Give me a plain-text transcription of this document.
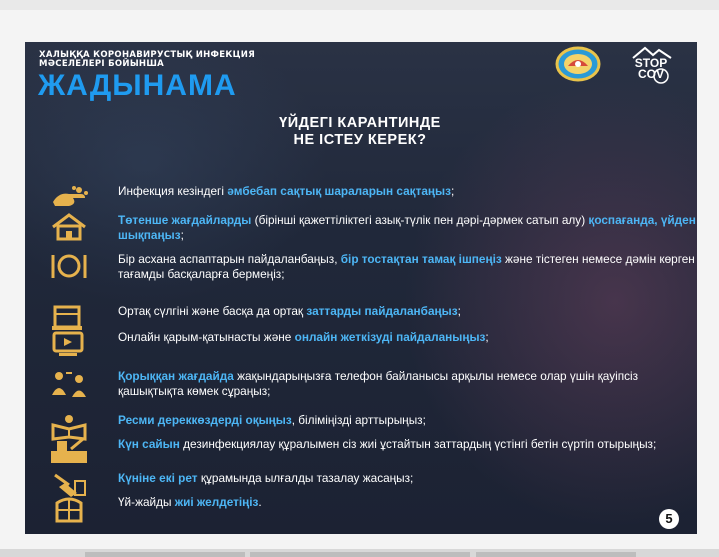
ХАЛЫҚҚА КОРОНАВИРУСТЫҚ ИНФЕКЦИЯ
МӘСЕЛЕЛЕРІ БОЙЫНША
ЖАДЫНАМА
STOP
COV
ҮЙДЕГІ КАРАНТИНДЕ
НЕ ІСТЕУ КЕРЕК?
Инфекция кезіндегі әмбебап сақтық шараларын сақтаңыз;
Төтенше жағдайларды (бірінші қажеттіліктегі азық-түлік пен дәрі-дәрмек сатып алу) қоспағанда, үйден шықпаңыз;
Бір асхана аспаптарын пайдаланбаңыз, бір тостақтан тамақ ішпеңіз және тістеген немесе дәмін көрген тағамды басқаларға бермеңіз;
Ортақ сүлгіні және басқа да ортақ заттарды пайдаланбаңыз;
Онлайн қарым-қатынасты және онлайн жеткізуді пайдаланыңыз;
Қорыққан жағдайда жақындарыңызға телефон байланысы арқылы немесе олар үшін қауіпсіз қашықтықта көмек сұраңыз;
Ресми дереккөздерді оқыңыз, біліміңізді арттырыңыз;
Күн сайын дезинфекциялау құралымен сіз жиі ұстайтын заттардың үстінгі бетін сүртіп отырыңыз;
Күніне екі рет құрамында ылғалды тазалау жасаңыз;
Үй-жайды жиі желдетіңіз.
5
